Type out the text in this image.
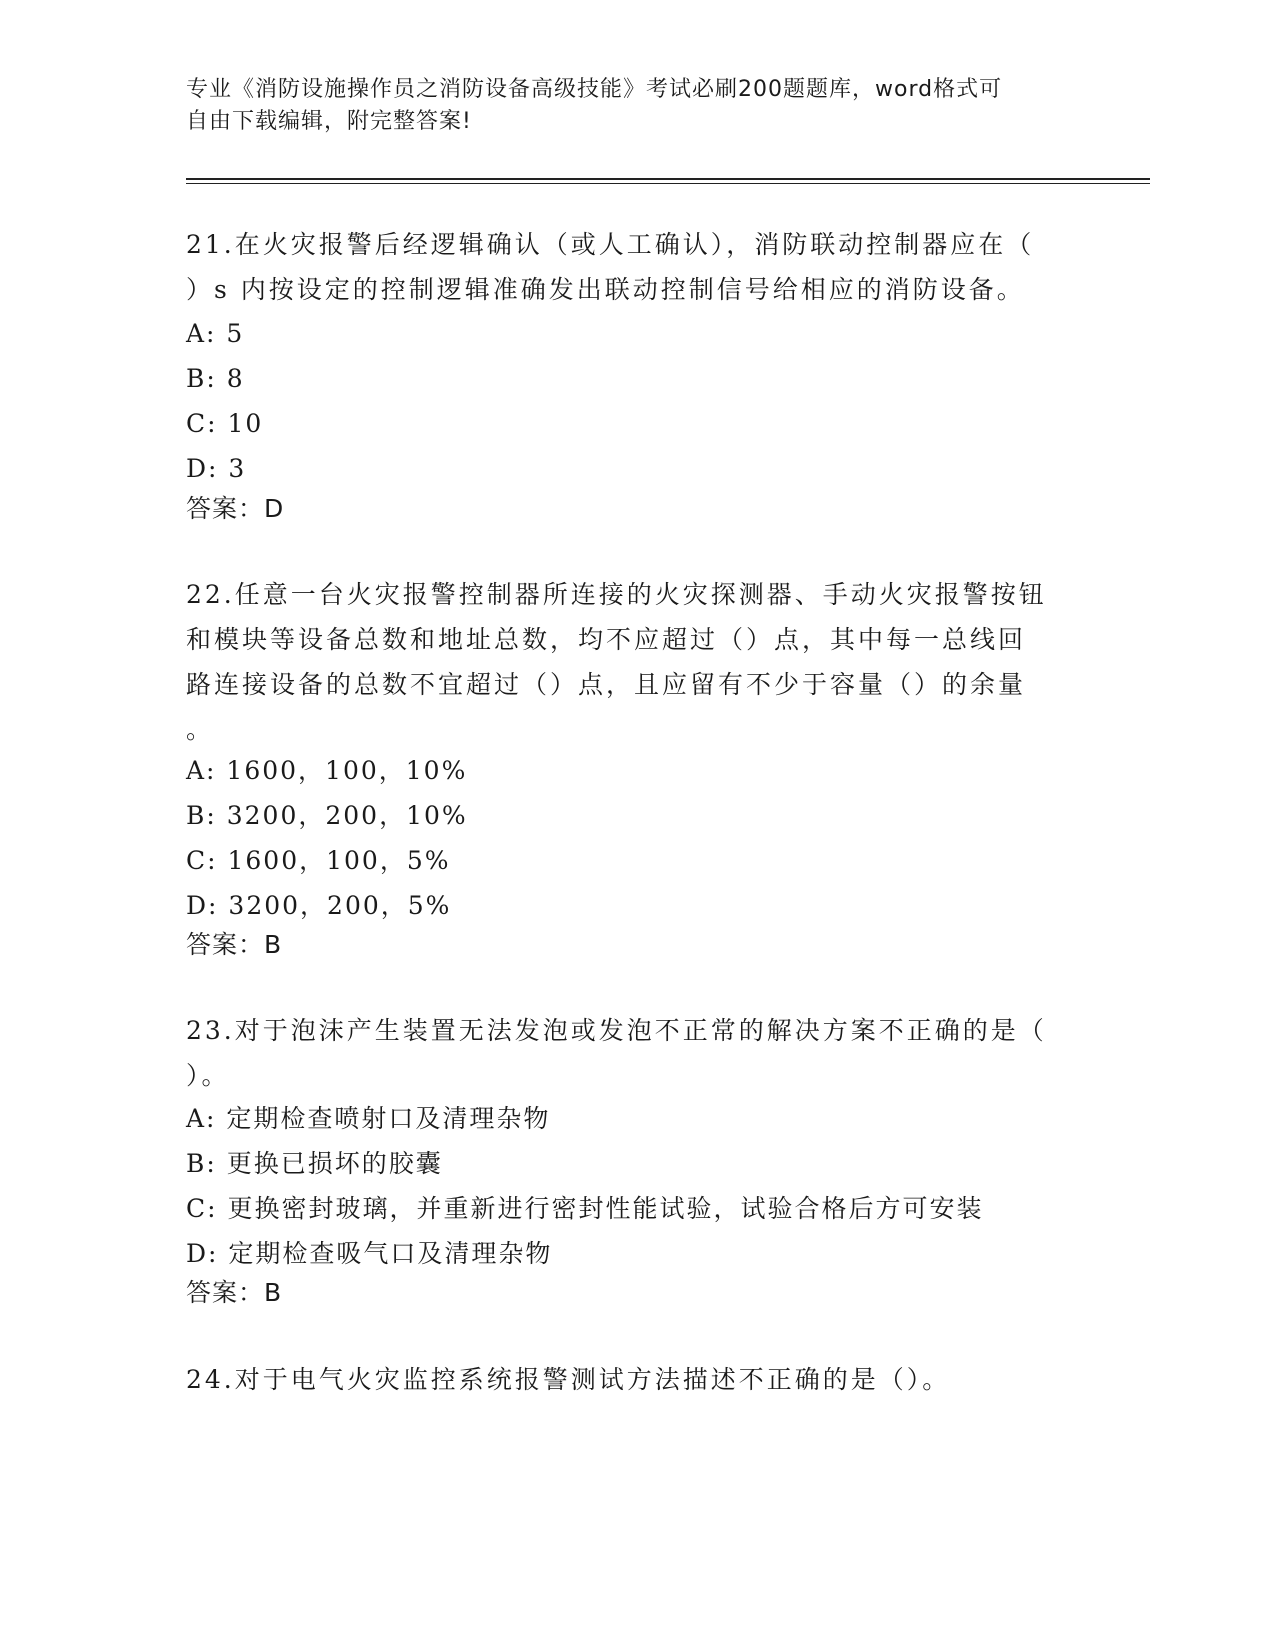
专业《消防设施操作员之消防设备高级技能》考试必刷200题题库，word格式可
自由下载编辑，附完整答案!
21.在火灾报警后经逻辑确认（或人工确认），消防联动控制器应在（
）s 内按设定的控制逻辑准确发出联动控制信号给相应的消防设备。
A: 5
B: 8
C: 10
D: 3
答案：D
22.任意一台火灾报警控制器所连接的火灾探测器、手动火灾报警按钮
和模块等设备总数和地址总数，均不应超过（）点，其中每一总线回
路连接设备的总数不宜超过（）点，且应留有不少于容量（）的余量
。
A: 1600，100，10%
B: 3200，200，10%
C: 1600，100，5%
D: 3200，200，5%
答案：B
23.对于泡沫产生装置无法发泡或发泡不正常的解决方案不正确的是（
）。
A: 定期检查喷射口及清理杂物
B: 更换已损坏的胶囊
C: 更换密封玻璃，并重新进行密封性能试验，试验合格后方可安装
D: 定期检查吸气口及清理杂物
答案：B
24.对于电气火灾监控系统报警测试方法描述不正确的是（）。
